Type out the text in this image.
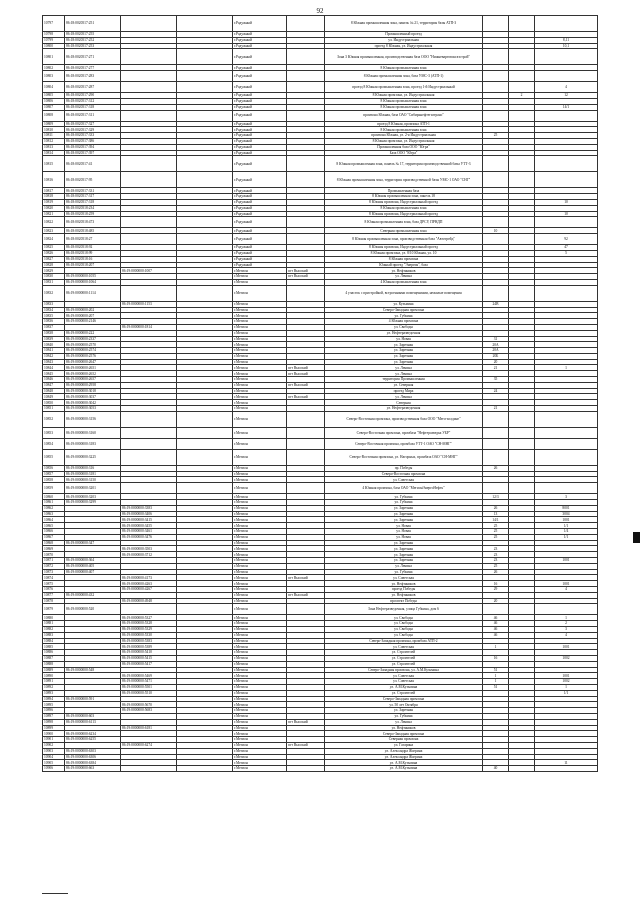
92
10797	86:18:0020517:251			г.Радужный		8 Южная промышленная зона, панель № 21, территория базы АТП-3			
10798	86:18:0020517:255			г.Радужный		Промышленный проезд			
10799	86:18:0020517:252			г.Радужный		ул. Индустриальная			8,11
10800	86:18:0020517:253			г.Радужный		проезд 8 Южная, ул. Индустриальная			10,1
10801	86:18:0020517:271			г.Радужный		Зона 3 Южная промышленная, производственная база ООО "Нижневартовскгазстрой"			
10802	86:18:0020517:277			г.Радужный		8 Южная промышленная зона			
10803	86:18:0020517:283			г.Радужный		8 Южная промышленная зона, база УМС-3 (АТП-1)			
10804	86:18:0020517:287			г.Радужный		проезд 8 Южная промышленная зона, проезд 1-й Индустриальный			4
10805	86:18:0020517:290			г.Радужный		8 Южная промзона, ул. Индустриальная		2	12
10806	86:18:0020517:312			г.Радужный		8 Южная промышленная зона			
10807	86:18:0020517:318			г.Радужный		8 Южная промышленная зона			14/1
10808	86:18:0020517:311			г.Радужный		промзона Южная, база ОАО "Сибирьнефтегазтранс"			
10809	86:18:0020517:327			г.Радужный		проезд 8 Южная, промзона АТП-1			
10810	86:18:0020517:329			г.Радужный		8 Южная промышленная зона			
10811	86:18:0020517:333			г.Радужный		промзона Южная, ул. 2-я Индустриальная	25		
10812	86:18:0020517:386			г.Радужный		8 Южная промзона, ул. Индустриальная			
10813	86:18:0020517:394			г.Радужный		Промышленная база ООО "Югра"			
10814	86:18:0020517:397			г.Радужный		База ООО "Югра"			
10815	86:18:0020517:41			г.Радужный		8 Южная промышленная зона, панель № 17, территория производственной базы УТТ-3			
10816	86:18:0020517:95			г.Радужный		8 Южная промышленная зона, территория производственной базы УМС-1 ОАО "СНГ"			
10817	86:18:0020517:331			г.Радужный		Промышленная база			
10818	86:18:0020517:317			г.Радужный		8 Южная промышленная зона, панель 18			
10819	86:18:0020517:318			г.Радужный		8 Южная промзона, Индустриальный проезд			10
10820	86:18:0020518:234			г.Радужный		8 Южная промышленная зона			
10821	86:18:0020518:259			г.Радужный		8 Южная промзона, Индустриальный проезд			10
10822	86:18:0020518:473			г.Радужный		8 Южная промышленная зона, база ДРСУ, ПРНДП			
10823	86:18:0020518:485			г.Радужный		Северная промышленная зона	10		
10824	86:18:0020518:27			г.Радужный		8 Южная промышленная зона, производственная база "Автотрейд"			92
10825	86:18:0020518:92			г.Радужный		8 Южная промзона, Индустриальный проезд			47
10826	86:18:0020518:99			г.Радужный		8 Южная промзона, ул. 8/10 Южная, ул. 10			5
10827	86:18:0020518:16			г.Радужный		8 Южная промзона			
10828	86:18:0020518:207			г.Радужный		Южный проезд "Энергия", база			
10829		86:19:0000000:1007		г.Мегион	пгт Высокий	ул. Нефтяников			
10830	86:19:0000000:1055			г.Мегион	пгт Высокий	ул. Ленина			
10831	86:19:0000000:1064			г.Мегион		4 Южная промышленная зона			
10832	86:19:0000000:1114			г.Мегион		4 участок с пристройкой, встроенными помещениями, нежилые помещения			
10833		86:19:0000000:1153		г.Мегион		ул. Кузьмина	24В		
10834	86:19:0000000:202			г.Мегион		Северо-Западная промзона			
10835	86:19:0000000:207			г.Мегион		ул. Губкина			
10836	86:19:0000000:2146			г.Мегион		4 Южная промзона			
10837		86:19:0000000:1814		г.Мегион		ул. Свободы			
10838	86:19:0000000:222			г.Мегион		ул. Нефтеразведочная			
10839	86:19:0000000:2337			г.Мегион		ул. Новая	31		
10840	86:19:0000000:2570			г.Мегион		ул. Заречная	20А		
10841	86:19:0000000:2574			г.Мегион		ул. Заречная	20А		
10842	86:19:0000000:2576			г.Мегион		ул. Заречная	20Б		
10843	86:19:0000000:2647			г.Мегион		ул. Заречная	20		
10844	86:19:0000000:2651			г.Мегион	пгт Высокий	ул. Ленина	21		1
10845	86:19:0000000:2652			г.Мегион	пгт Высокий	ул. Ленина			
10846	86:19:0000000:2657			г.Мегион		территория Промышленная	35		
10847	86:19:0000000:2958			г.Мегион	пгт Высокий	ул. Северная			
10848	86:19:0000000:3018			г.Мегион		проезд Мира	24		
10849	86:19:0000000:3037			г.Мегион	пгт Высокий	ул. Ленина			
10850	86:19:0000000:3042			г.Мегион		Северная			
10851	86:19:0000000:3053			г.Мегион		ул. Нефтеразведочная	21		
10852	86:19:0000000:3156			г.Мегион		Северо-Восточная промзона, производственная база ООО "Мега-холдинг"			
10853	86:19:0000000:3160			г.Мегион		Северо-Восточная промзона, промбаза "Нефтеразведка УБР"			
10854	86:19:0000000:3183			г.Мегион		Северо-Восточная промзона, промбаза УТТ-1 ОАО "СН-МНГ"			
10855	86:19:0000000:3225			г.Мегион		Северо-Восточная промзона, ул. Нагорных, промбаза ОАО "СН-МНГ"			
10856	86:19:0000000:316			г.Мегион		пр. Победы	26		
10857	86:19:0000000:3181			г.Мегион		Северо-Восточная промзона			
10858	86:19:0000000:3150			г.Мегион		ул. Советская			
10859	86:19:0000000:3201			г.Мегион		4 Южная промзона, база ОАО "МегионЭнергоНефть"			
10860	86:19:0000000:3203			г.Мегион		ул. Губкина	12/3		3
10861	86:19:0000000:3299			г.Мегион		ул. Губкина			
10862		86:19:0000000:3383		г.Мегион		ул. Заречная	26		8001
10863		86:19:0000000:3406		г.Мегион		ул. Заречная	13		3004
10864		86:19:0000000:3415		г.Мегион		ул. Заречная	14/1		1001
10865		86:19:0000000:3455		г.Мегион		ул. Новая	25		1/1
10866		86:19:0000000:3461		г.Мегион		ул. Новая	25		1/4
10867		86:19:0000000:3476		г.Мегион		ул. Новая	25		1/1
10868	86:19:0000000:347			г.Мегион		ул. Заречная			
10869		86:19:0000000:3503		г.Мегион		ул. Заречная	23		
10870		86:19:0000000:3712		г.Мегион		ул. Заречная	23		
10871	86:19:0000000:364			г.Мегион		ул. Заречная	23		1001
10872	86:19:0000000:405			г.Мегион		ул. Ленина	25		
10873	86:19:0000000:407			г.Мегион		ул. Губкина	26		
10874		86:19:0000000:4173		г.Мегион	пгт Высокий	ул. Советская			
10875		86:19:0000000:4263		г.Мегион		ул. Нефтяников	16		1001
10876		86:19:0000000:4267		г.Мегион		проезд Победы	29		4
10877	86:19:0000000:432			г.Мегион	пгт Высокий	ул. Нефтяников			
10878		86:19:0000000:4948		г.Мегион		проспект Победы	20		
10879	86:19:0000000:520			г.Мегион		Зона Нефтеразведочная, улица Губкина, дом 6			
10880		86:19:0000000:5327		г.Мегион		ул. Свободы	46		1
10881		86:19:0000000:5328		г.Мегион		ул. Свободы	46		2
10882		86:19:0000000:5329		г.Мегион		ул. Свободы	46		3
10883		86:19:0000000:5330		г.Мегион		ул. Свободы	46		4
10884		86:19:0000000:5383		г.Мегион		Северо-Западная промзона, промбаза АТП-2			
10885		86:19:0000000:5389		г.Мегион		ул. Советская	1		1001
10886		86:19:0000000:5410		г.Мегион		ул. Строителей			
10887		86:19:0000000:5415		г.Мегион		ул. Строителей	16		1002
10888		86:19:0000000:5417		г.Мегион		ул. Строителей			
10889	86:19:0000000:548			г.Мегион		Северо-Западная промзона, ул. А.М.Кузьмина	51		
10890		86:19:0000000:5469		г.Мегион		ул. Советская	1		1001
10891		86:19:0000000:5471		г.Мегион		ул. Советская	1		1002
10892		86:19:0000000:5501		г.Мегион		ул. А.М.Кузьмина	51		1
10893		86:19:0000000:5510		г.Мегион		ул. Строителей			1/1
10894	86:19:0000000:591			г.Мегион		Северо-Западная промзона			
10895		86:19:0000000:5670		г.Мегион		ул. 50 лет Октября			
10896		86:19:0000000:5683		г.Мегион		ул. Заречная			
10897	86:19:0000000:603			г.Мегион		ул. Губкина			
10898	86:19:0000000:6113			г.Мегион	пгт Высокий	ул. Ленина			
10899		86:19:0000000:6181		г.Мегион		ул. Нефтяников			
10900	86:19:0000000:6234			г.Мегион		Северо-Западная промзона			
10901	86:19:0000000:6255			г.Мегион		Северная промзона			
10902		86:19:0000000:6274		г.Мегион	пгт Высокий	ул. Гагарина			
10903	86:19:0000000:6303			г.Мегион		ул. Александра Жагрина			
10904	86:19:0000000:6306			г.Мегион		ул. Александра Жагрина			
10905	86:19:0000000:6384			г.Мегион		ул. А.М.Кузьмина			11
10906	86:19:0000000:663			г.Мегион		ул. А.М.Кузьмина	40		
